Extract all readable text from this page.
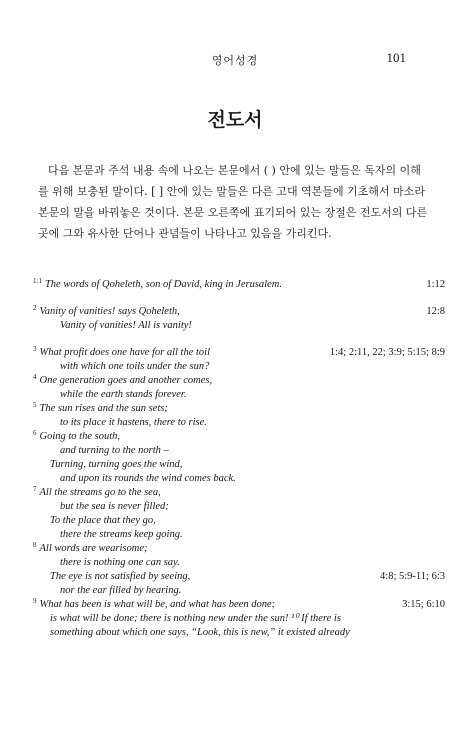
영어성경	101
전도서
다음 본문과 주석 내용 속에 나오는 본문에서 ( ) 안에 있는 말들은 독자의 이해
를 위해 보충된 말이다. [ ] 안에 있는 말들은 다른 고대 역본들에 기초해서 마소라
본문의 말을 바꿔놓은 것이다. 본문 오른쪽에 표기되어 있는 장절은 전도서의 다른
곳에 그와 유사한 단어나 관념들이 나타나고 있음을 가리킨다.
$^{1:1}$ The words of Qoheleth, son of David, king in Jerusalem.	1:12
$^2$ Vanity of vanities! says Qoheleth,	12:8
Vanity of vanities! All is vanity!
$^3$ What profit does one have for all the toil	1:4; 2:11, 22; 3:9; 5:15; 8:9
with which one toils under the sun?
$^4$ One generation goes and another comes,
while the earth stands forever.
$^5$ The sun rises and the sun sets;
to its place it hastens, there to rise.
$^6$ Going to the south,
and turning to the north –
Turning, turning goes the wind,
and upon its rounds the wind comes back.
$^7$ All the streams go to the sea,
but the sea is never filled;
To the place that they go,
there the streams keep going.
$^8$ All words are wearisome;
there is nothing one can say.
The eye is not satisfied by seeing,	4:8; 5:9-11; 6:3
nor the ear filled by hearing.
$^9$ What has been is what will be, and what has been done;	3:15; 6:10
is what will be done; there is nothing new under the sun! ¹⁰ If there is
something about which one says, “Look, this is new,” it existed already
